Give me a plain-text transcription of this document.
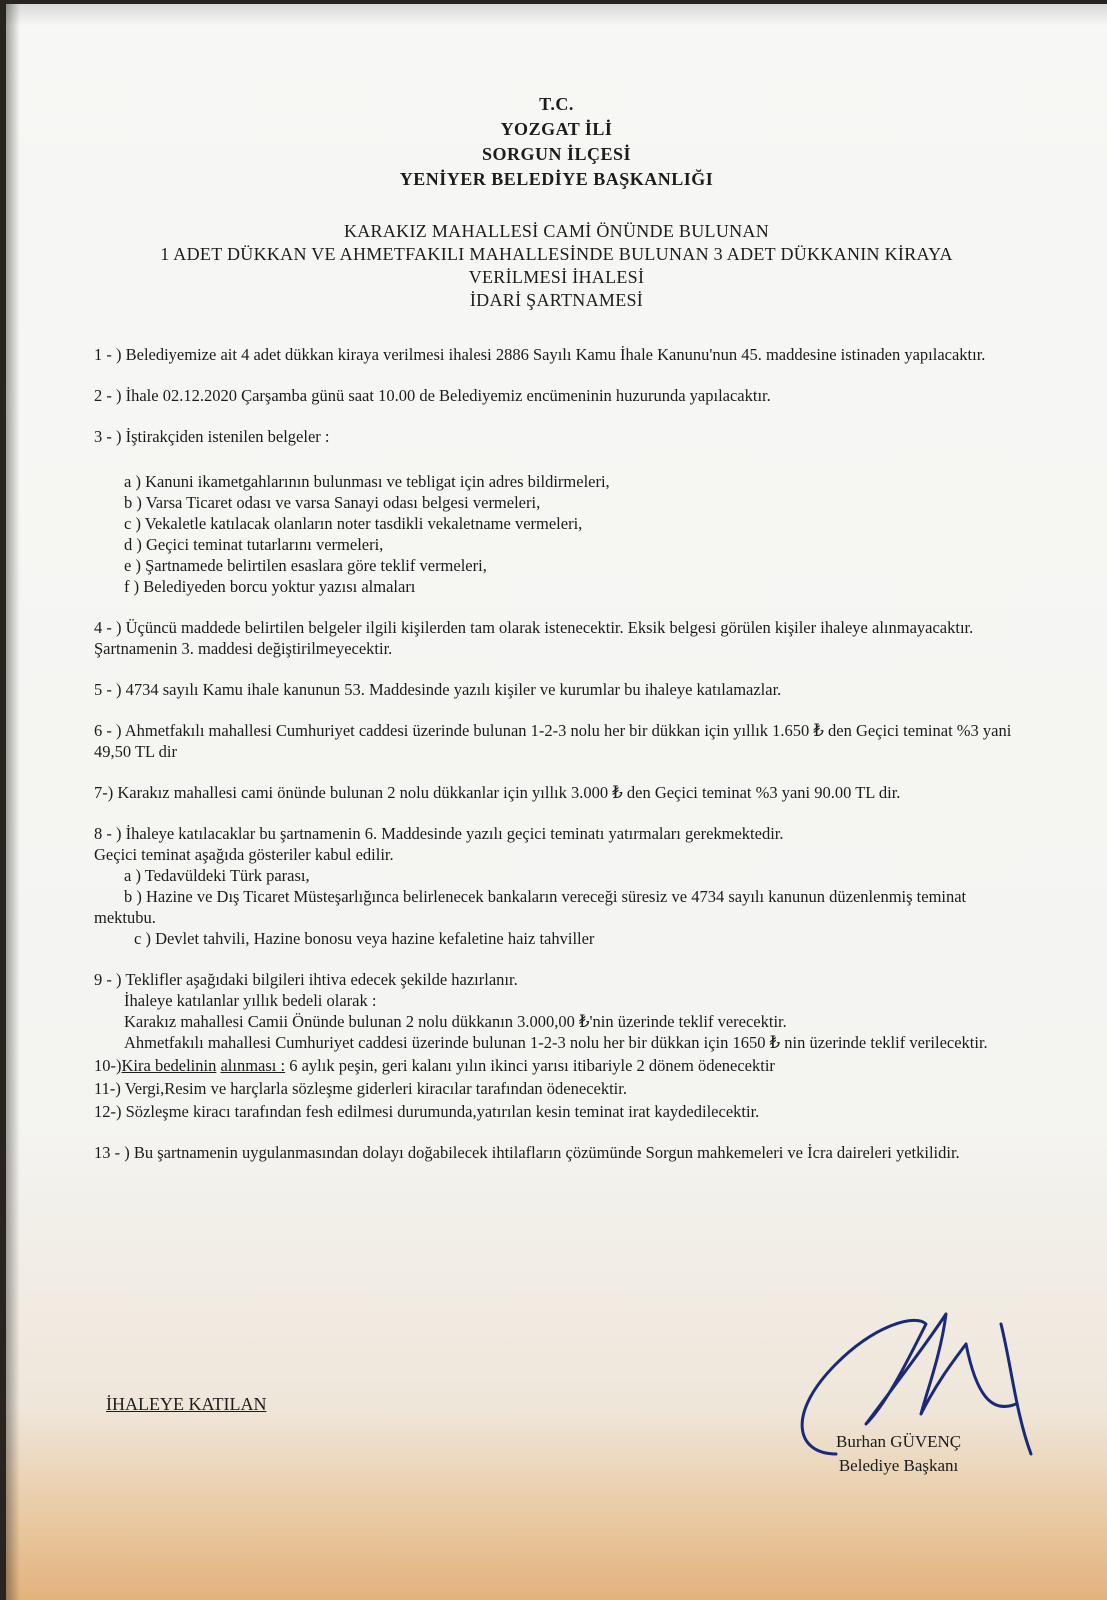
T.C.
YOZGAT İLİ
SORGUN İLÇESİ
YENİYER BELEDİYE BAŞKANLIĞI
KARAKIZ MAHALLESİ CAMİ ÖNÜNDE BULUNAN
1 ADET DÜKKAN VE AHMETFAKILI MAHALLESİNDE BULUNAN 3 ADET DÜKKANIN KİRAYA
VERİLMESİ İHALESİ
İDARİ ŞARTNAMESİ
1 - ) Belediyemize ait 4 adet dükkan kiraya verilmesi ihalesi 2886 Sayılı Kamu İhale Kanunu'nun 45. maddesine istinaden yapılacaktır.
2 - ) İhale 02.12.2020 Çarşamba günü saat 10.00 de Belediyemiz encümeninin huzurunda yapılacaktır.
3 - ) İştirakçiden istenilen belgeler :
a ) Kanuni ikametgahlarının bulunması ve tebligat için adres bildirmeleri,
b ) Varsa Ticaret odası ve varsa Sanayi odası belgesi vermeleri,
c ) Vekaletle katılacak olanların noter tasdikli vekaletname vermeleri,
d ) Geçici teminat tutarlarını vermeleri,
e ) Şartnamede belirtilen esaslara göre teklif vermeleri,
f ) Belediyeden borcu yoktur yazısı almaları
4 - ) Üçüncü maddede belirtilen belgeler ilgili kişilerden tam olarak istenecektir. Eksik belgesi görülen kişiler ihaleye alınmayacaktır. Şartnamenin 3. maddesi değiştirilmeyecektir.
5 - ) 4734 sayılı Kamu ihale kanunun 53. Maddesinde yazılı kişiler ve kurumlar bu ihaleye katılamazlar.
6 - ) Ahmetfakılı mahallesi Cumhuriyet caddesi üzerinde bulunan 1-2-3 nolu her bir dükkan için yıllık 1.650 ₺ den Geçici teminat %3 yani 49,50 TL dir
7-) Karakız mahallesi cami önünde bulunan 2 nolu dükkanlar için yıllık 3.000 ₺ den Geçici teminat %3 yani 90.00 TL dir.
8 - ) İhaleye katılacaklar bu şartnamenin 6. Maddesinde yazılı geçici teminatı yatırmaları gerekmektedir.
Geçici teminat aşağıda gösteriler kabul edilir.
a ) Tedavüldeki Türk parası,
b ) Hazine ve Dış Ticaret Müsteşarlığınca belirlenecek bankaların vereceği süresiz ve 4734 sayılı kanunun düzenlenmiş teminat mektubu.
c ) Devlet tahvili, Hazine bonosu veya hazine kefaletine haiz tahviller
9 - ) Teklifler aşağıdaki bilgileri ihtiva edecek şekilde hazırlanır.
İhaleye katılanlar yıllık bedeli olarak :
Karakız mahallesi Camii Önünde bulunan 2 nolu dükkanın 3.000,00 ₺'nin üzerinde teklif verecektir.
Ahmetfakılı mahallesi Cumhuriyet caddesi üzerinde bulunan 1-2-3 nolu her bir dükkan için 1650 ₺ nin üzerinde teklif verilecektir.
10-)Kira bedelinin alınması : 6 aylık peşin, geri kalanı yılın ikinci yarısı itibariyle 2 dönem ödenecektir
11-) Vergi,Resim ve harçlarla sözleşme giderleri kiracılar tarafından ödenecektir.
12-) Sözleşme kiracı tarafından fesh edilmesi durumunda,yatırılan kesin teminat irat kaydedilecektir.
13 - ) Bu şartnamenin uygulanmasından dolayı doğabilecek ihtilafların çözümünde Sorgun mahkemeleri ve İcra daireleri yetkilidir.
İHALEYE KATILAN
Burhan GÜVENÇ
Belediye Başkanı
